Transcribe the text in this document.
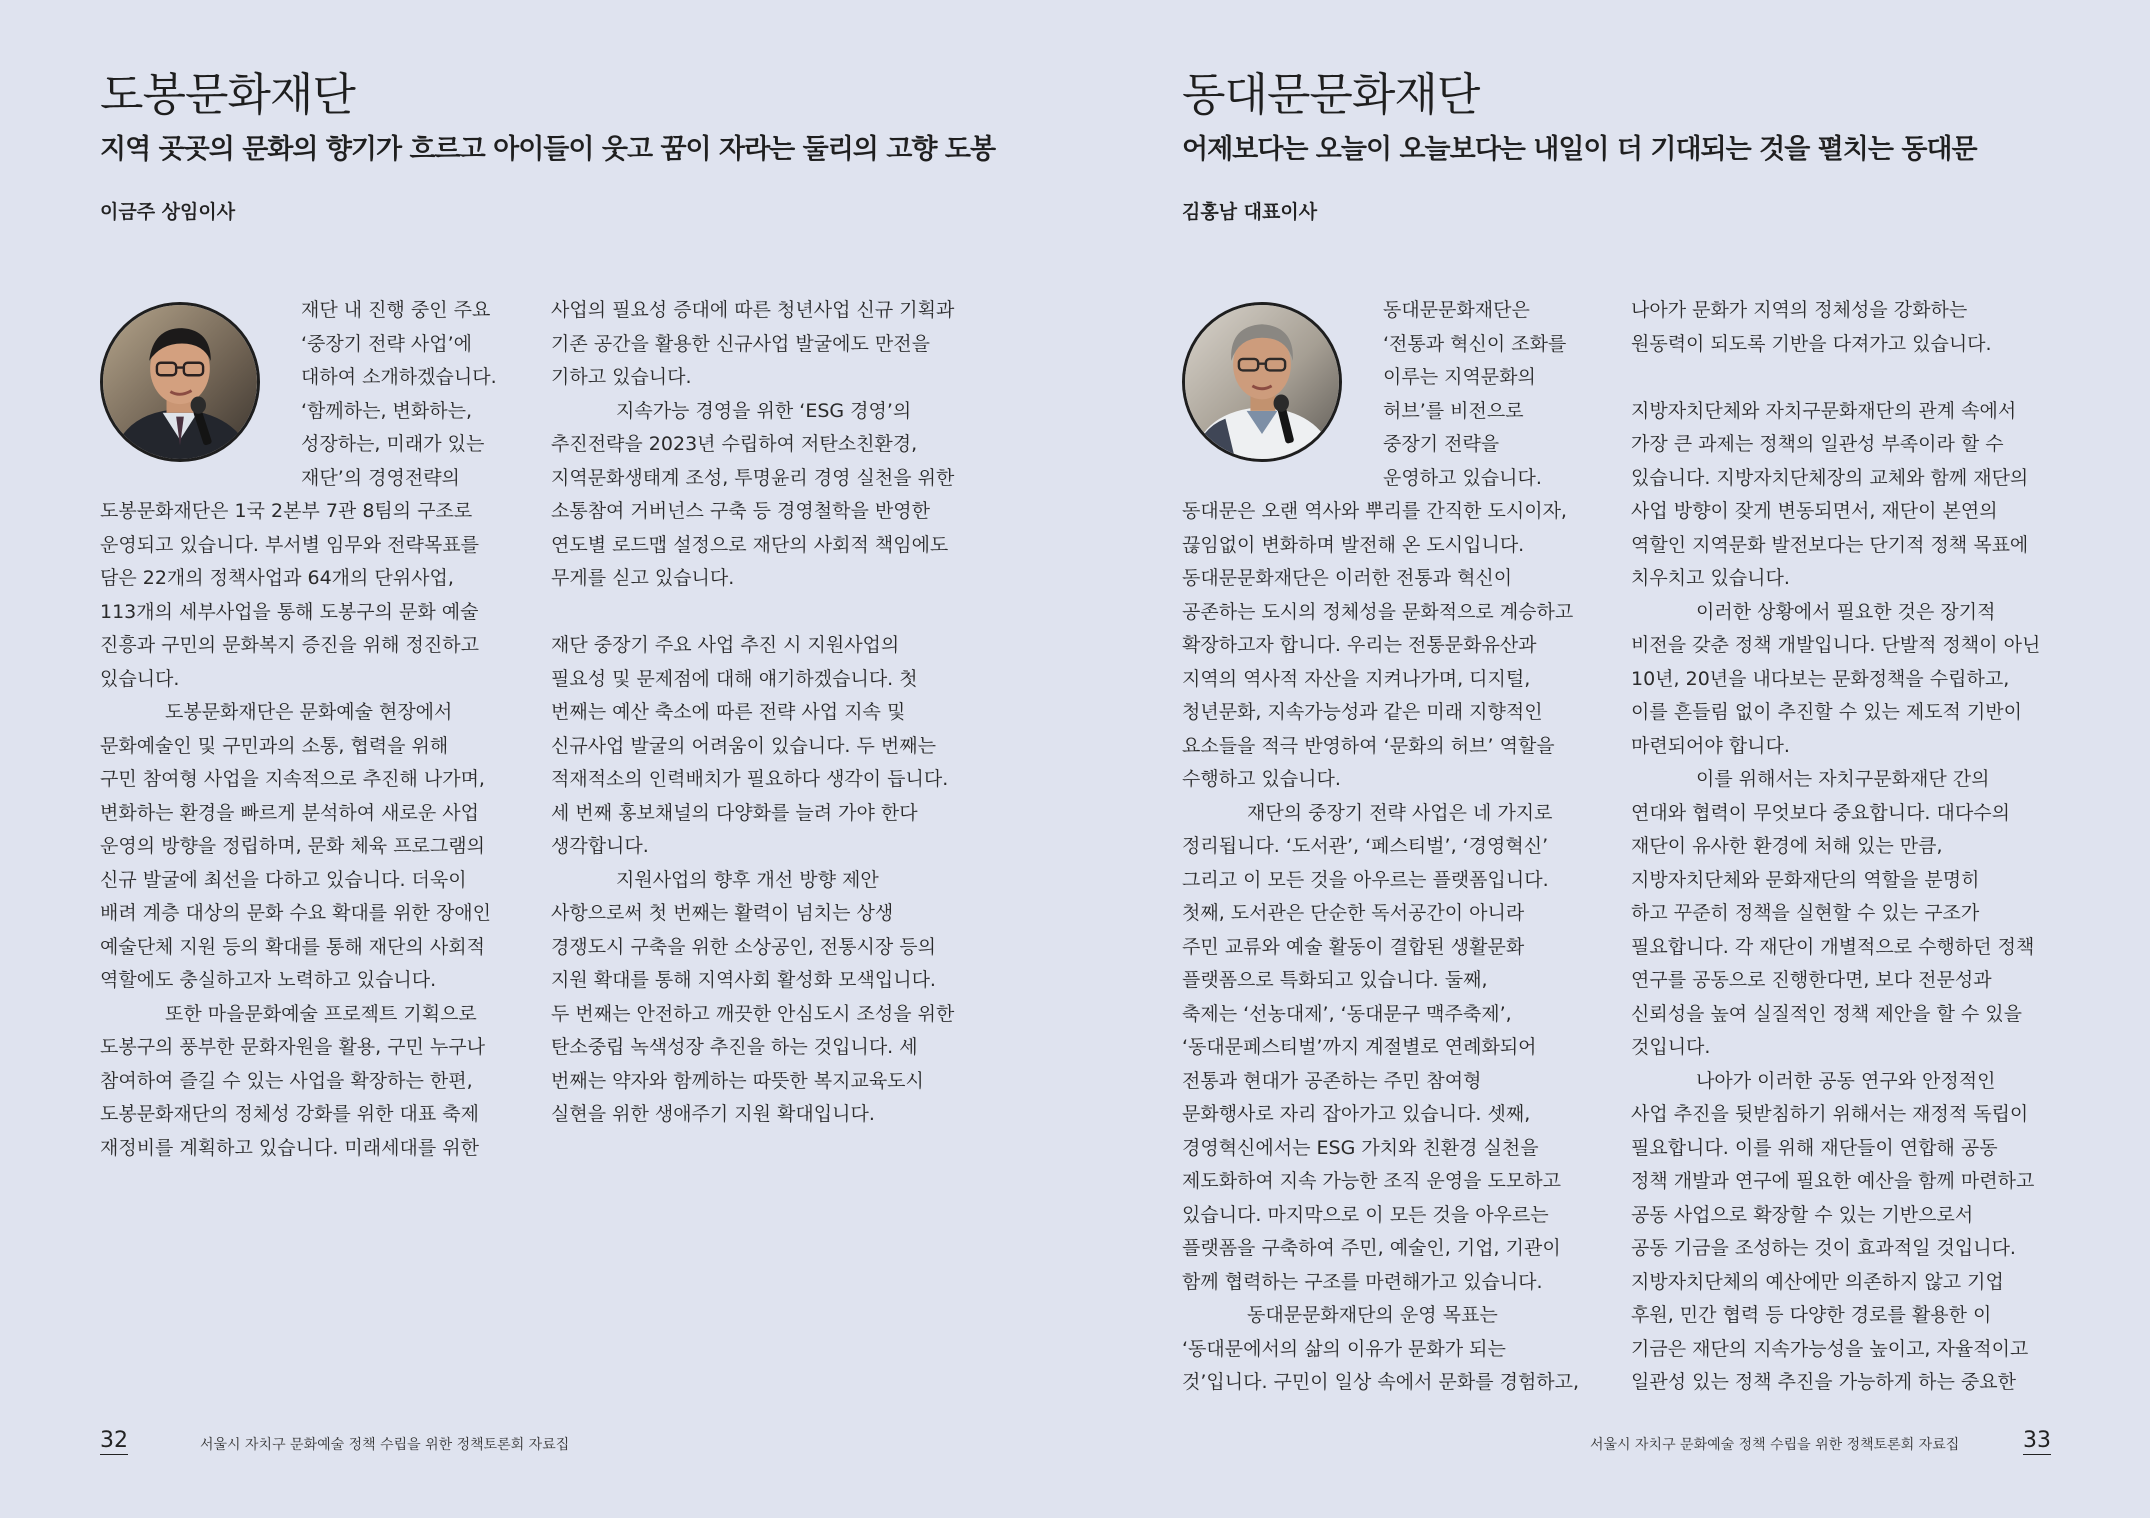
도봉문화재단
지역 곳곳의 문화의 향기가 흐르고 아이들이 웃고 꿈이 자라는 둘리의 고향 도봉
이금주 상임이사
재단 내 진행 중인 주요
‘중장기 전략 사업’에
대하여 소개하겠습니다.
‘함께하는, 변화하는,
성장하는, 미래가 있는
재단’의 경영전략의
도봉문화재단은 1국 2본부 7관 8팀의 구조로
운영되고 있습니다. 부서별 임무와 전략목표를
담은 22개의 정책사업과 64개의 단위사업,
113개의 세부사업을 통해 도봉구의 문화 예술
진흥과 구민의 문화복지 증진을 위해 정진하고
있습니다.
도봉문화재단은 문화예술 현장에서
문화예술인 및 구민과의 소통, 협력을 위해
구민 참여형 사업을 지속적으로 추진해 나가며,
변화하는 환경을 빠르게 분석하여 새로운 사업
운영의 방향을 정립하며, 문화 체육 프로그램의
신규 발굴에 최선을 다하고 있습니다. 더욱이
배려 계층 대상의 문화 수요 확대를 위한 장애인
예술단체 지원 등의 확대를 통해 재단의 사회적
역할에도 충실하고자 노력하고 있습니다.
또한 마을문화예술 프로젝트 기획으로
도봉구의 풍부한 문화자원을 활용, 구민 누구나
참여하여 즐길 수 있는 사업을 확장하는 한편,
도봉문화재단의 정체성 강화를 위한 대표 축제
재정비를 계획하고 있습니다. 미래세대를 위한
사업의 필요성 증대에 따른 청년사업 신규 기획과
기존 공간을 활용한 신규사업 발굴에도 만전을
기하고 있습니다.
지속가능 경영을 위한 ‘ESG 경영’의
추진전략을 2023년 수립하여 저탄소친환경,
지역문화생태계 조성, 투명윤리 경영 실천을 위한
소통참여 거버넌스 구축 등 경영철학을 반영한
연도별 로드맵 설정으로 재단의 사회적 책임에도
무게를 싣고 있습니다.
재단 중장기 주요 사업 추진 시 지원사업의
필요성 및 문제점에 대해 얘기하겠습니다. 첫
번째는 예산 축소에 따른 전략 사업 지속 및
신규사업 발굴의 어려움이 있습니다. 두 번째는
적재적소의 인력배치가 필요하다 생각이 듭니다.
세 번째 홍보채널의 다양화를 늘려 가야 한다
생각합니다.
지원사업의 향후 개선 방향 제안
사항으로써 첫 번째는 활력이 넘치는 상생
경쟁도시 구축을 위한 소상공인, 전통시장 등의
지원 확대를 통해 지역사회 활성화 모색입니다.
두 번째는 안전하고 깨끗한 안심도시 조성을 위한
탄소중립 녹색성장 추진을 하는 것입니다. 세
번째는 약자와 함께하는 따뜻한 복지교육도시
실현을 위한 생애주기 지원 확대입니다.
32	서울시 자치구 문화예술 정책 수립을 위한 정책토론회 자료집
동대문문화재단
어제보다는 오늘이 오늘보다는 내일이 더 기대되는 것을 펼치는 동대문
김홍남 대표이사
동대문문화재단은
‘전통과 혁신이 조화를
이루는 지역문화의
허브’를 비전으로
중장기 전략을
운영하고 있습니다.
동대문은 오랜 역사와 뿌리를 간직한 도시이자,
끊임없이 변화하며 발전해 온 도시입니다.
동대문문화재단은 이러한 전통과 혁신이
공존하는 도시의 정체성을 문화적으로 계승하고
확장하고자 합니다. 우리는 전통문화유산과
지역의 역사적 자산을 지켜나가며, 디지털,
청년문화, 지속가능성과 같은 미래 지향적인
요소들을 적극 반영하여 ‘문화의 허브’ 역할을
수행하고 있습니다.
재단의 중장기 전략 사업은 네 가지로
정리됩니다. ‘도서관’, ‘페스티벌’, ‘경영혁신’
그리고 이 모든 것을 아우르는 플랫폼입니다.
첫째, 도서관은 단순한 독서공간이 아니라
주민 교류와 예술 활동이 결합된 생활문화
플랫폼으로 특화되고 있습니다. 둘째,
축제는 ‘선농대제’, ‘동대문구 맥주축제’,
‘동대문페스티벌’까지 계절별로 연례화되어
전통과 현대가 공존하는 주민 참여형
문화행사로 자리 잡아가고 있습니다. 셋째,
경영혁신에서는 ESG 가치와 친환경 실천을
제도화하여 지속 가능한 조직 운영을 도모하고
있습니다. 마지막으로 이 모든 것을 아우르는
플랫폼을 구축하여 주민, 예술인, 기업, 기관이
함께 협력하는 구조를 마련해가고 있습니다.
동대문문화재단의 운영 목표는
‘동대문에서의 삶의 이유가 문화가 되는
것’입니다. 구민이 일상 속에서 문화를 경험하고,
나아가 문화가 지역의 정체성을 강화하는
원동력이 되도록 기반을 다져가고 있습니다.
지방자치단체와 자치구문화재단의 관계 속에서
가장 큰 과제는 정책의 일관성 부족이라 할 수
있습니다. 지방자치단체장의 교체와 함께 재단의
사업 방향이 잦게 변동되면서, 재단이 본연의
역할인 지역문화 발전보다는 단기적 정책 목표에
치우치고 있습니다.
이러한 상황에서 필요한 것은 장기적
비전을 갖춘 정책 개발입니다. 단발적 정책이 아닌
10년, 20년을 내다보는 문화정책을 수립하고,
이를 흔들림 없이 추진할 수 있는 제도적 기반이
마련되어야 합니다.
이를 위해서는 자치구문화재단 간의
연대와 협력이 무엇보다 중요합니다. 대다수의
재단이 유사한 환경에 처해 있는 만큼,
지방자치단체와 문화재단의 역할을 분명히
하고 꾸준히 정책을 실현할 수 있는 구조가
필요합니다. 각 재단이 개별적으로 수행하던 정책
연구를 공동으로 진행한다면, 보다 전문성과
신뢰성을 높여 실질적인 정책 제안을 할 수 있을
것입니다.
나아가 이러한 공동 연구와 안정적인
사업 추진을 뒷받침하기 위해서는 재정적 독립이
필요합니다. 이를 위해 재단들이 연합해 공동
정책 개발과 연구에 필요한 예산을 함께 마련하고
공동 사업으로 확장할 수 있는 기반으로서
공동 기금을 조성하는 것이 효과적일 것입니다.
지방자치단체의 예산에만 의존하지 않고 기업
후원, 민간 협력 등 다양한 경로를 활용한 이
기금은 재단의 지속가능성을 높이고, 자율적이고
일관성 있는 정책 추진을 가능하게 하는 중요한
서울시 자치구 문화예술 정책 수립을 위한 정책토론회 자료집	33
